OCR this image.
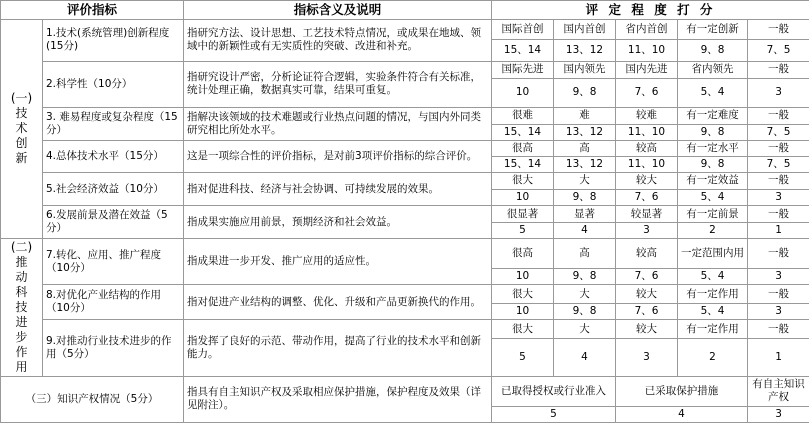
评价指标		指标含义及说明	评 定 程 度 打 分				

(一)
技术创新	1.技术(系统管理)创新程度(15分)	指研究方法、设计思想、工艺技术特点情况，或成果在地域、领域中的新颖性或有无实质性的突破、改进和补充。	国际首创	国内首创	省内首创	有一定创新	一般
			15、14	13、12	11、10	9、8	7、5
	2.科学性（10分）	指研究设计严密，分析论证符合逻辑，实验条件符合有关标准，统计处理正确，数据真实可靠，结果可重复。	国际先进	国内领先	国内先进	省内领先	一般
			10	9、8	7、6	5、4	3
	3. 难易程度或复杂程度（15分）	指解决该领域的技术难题或行业热点问题的情况，与国内外同类研究相比所处水平。	很难	难	较难	有一定难度	一般
			15、14	13、12	11、10	9、8	7、5
	4.总体技术水平（15分）	这是一项综合性的评价指标，是对前3项评价指标的综合评价。	很高	高	较高	有一定水平	一般
			15、14	13、12	11、10	9、8	7、5
	5.社会经济效益（10分）	指对促进科技、经济与社会协调、可持续发展的效果。	很大	大	较大	有一定效益	一般
			10	9、8	7、6	5、4	3
	6.发展前景及潜在效益（5分）	指成果实施应用前景，预期经济和社会效益。	很显著	显著	较显著	有一定前景	一般
			5	4	3	2	1

(二)
推动科技进步作用	7.转化、应用、推广程度（10分）	指成果进一步开发、推广应用的适应性。	很高	高	较高	一定范围内用	一般
			10	9、8	7、6	5、4	3
	8.对优化产业结构的作用（10分）	指对促进产业结构的调整、优化、升级和产品更新换代的作用。	很大	大	较大	有一定作用	一般
			10	9、8	7、6	5、4	3
	9.对推动行业技术进步的作用（5分）	指发挥了良好的示范、带动作用，提高了行业的技术水平和创新能力。	很大	大	较大	有一定作用	一般
			5	4	3	2	1
（三）知识产权情况（5分）		指具有自主知识产权及采取相应保护措施，保护程度及效果（详见附注）。	已取得授权或行业准入		已采取保护措施		有自主知识产权
			5		4		3
